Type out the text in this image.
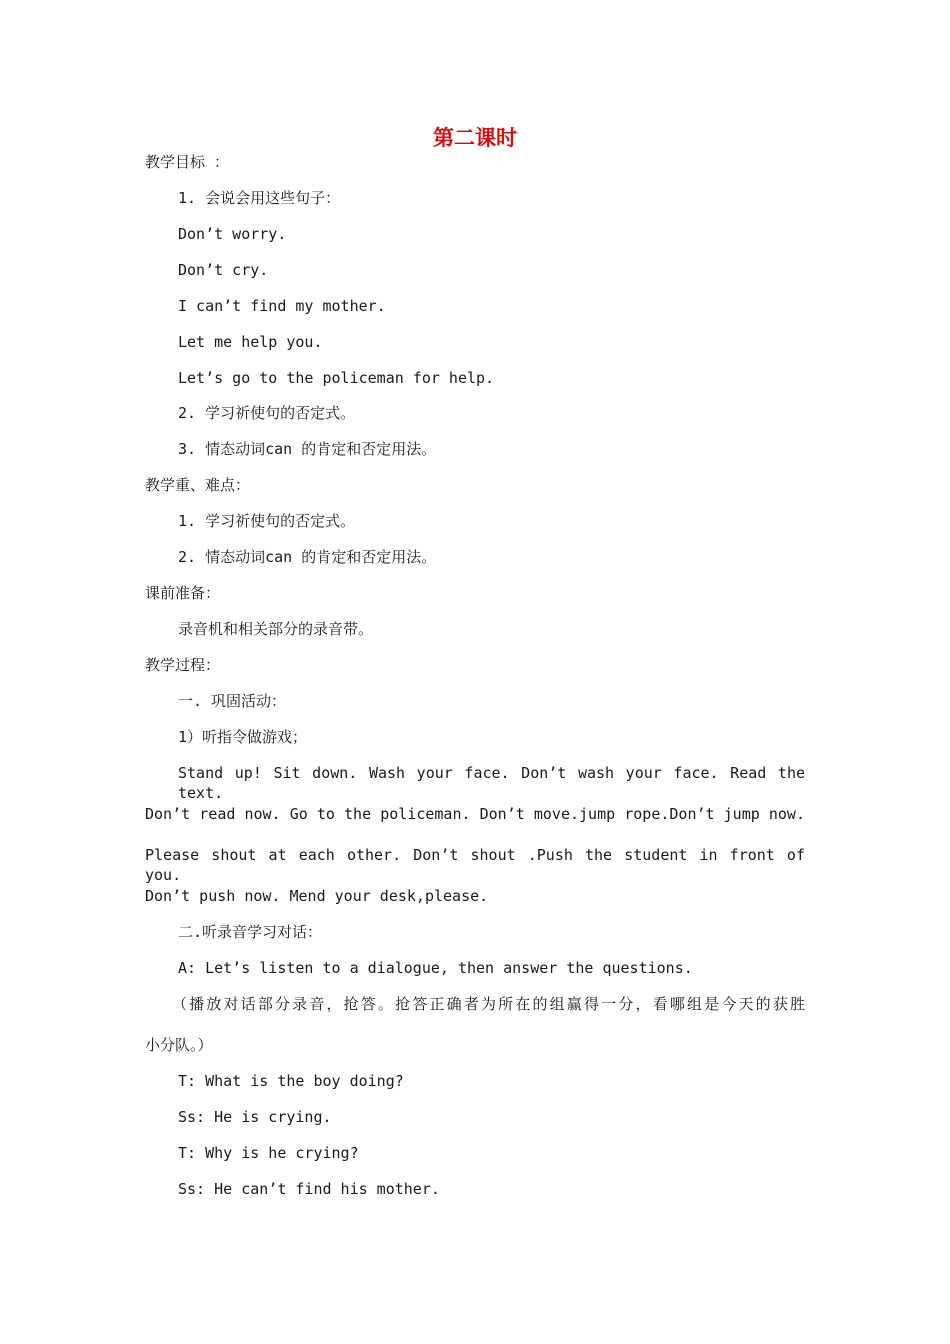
第二课时
教学目标 ：
1. 会说会用这些句子：
Don’t worry.
Don’t cry.
I can’t find my mother.
Let me help you.
Let’s go to the policeman for help.
2. 学习祈使句的否定式。
3. 情态动词can 的肯定和否定用法。
教学重、难点：
1. 学习祈使句的否定式。
2. 情态动词can 的肯定和否定用法。
课前准备：
录音机和相关部分的录音带。
教学过程：
一. 巩固活动：
1）听指令做游戏；
Stand up! Sit down. Wash your face. Don’t wash your face. Read the text.
Don’t read now. Go to the policeman. Don’t move.jump rope.Don’t jump now.
Please shout at each other. Don’t shout .Push the student in front of you.
Don’t push now. Mend your desk,please.
二.听录音学习对话：
A: Let’s listen to a dialogue, then answer the questions.
（播放对话部分录音，抢答。抢答正确者为所在的组赢得一分，看哪组是今天的获胜
小分队。）
T: What is the boy doing?
Ss: He is crying.
T: Why is he crying?
Ss: He can’t find his mother.
